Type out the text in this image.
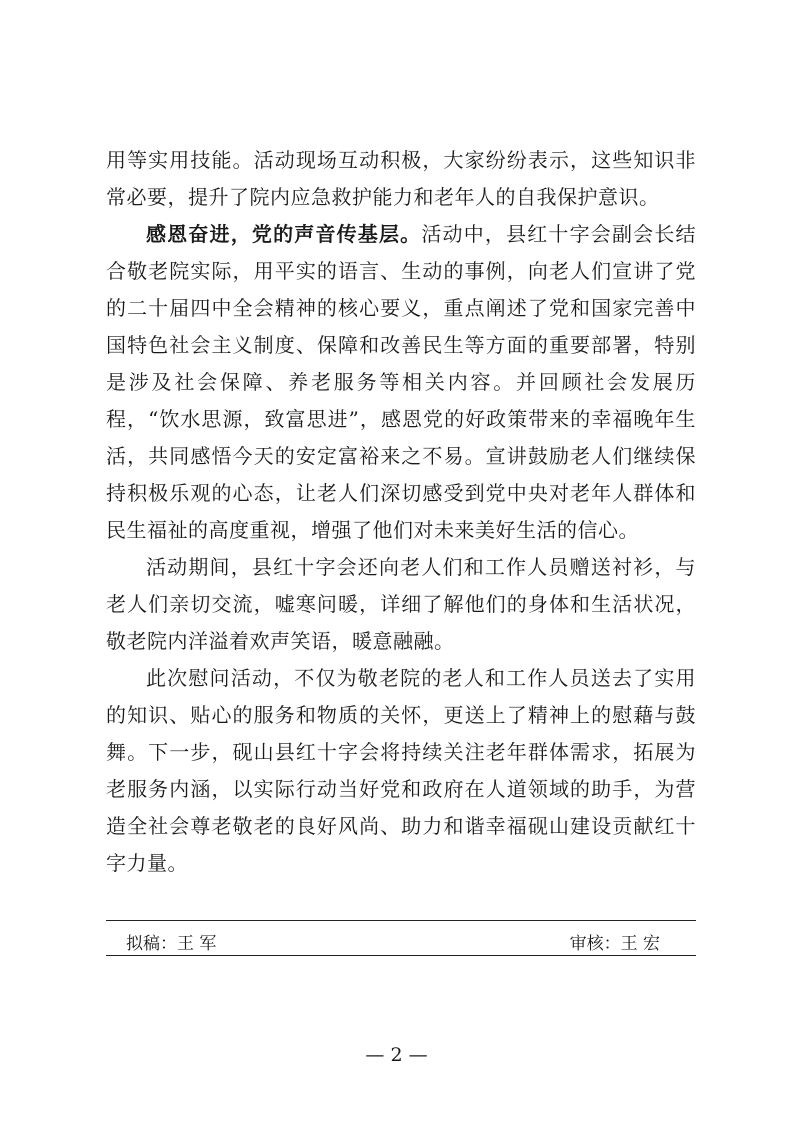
用等实用技能。活动现场互动积极，大家纷纷表示，这些知识非常必要，提升了院内应急救护能力和老年人的自我保护意识。

感恩奋进，党的声音传基层。活动中，县红十字会副会长结合敬老院实际，用平实的语言、生动的事例，向老人们宣讲了党的二十届四中全会精神的核心要义，重点阐述了党和国家完善中国特色社会主义制度、保障和改善民生等方面的重要部署，特别是涉及社会保障、养老服务等相关内容。并回顾社会发展历程，“饮水思源，致富思进”，感恩党的好政策带来的幸福晚年生活，共同感悟今天的安定富裕来之不易。宣讲鼓励老人们继续保持积极乐观的心态，让老人们深切感受到党中央对老年人群体和民生福祉的高度重视，增强了他们对未来美好生活的信心。

活动期间，县红十字会还向老人们和工作人员赠送衬衫，与老人们亲切交流，嘘寒问暖，详细了解他们的身体和生活状况，敬老院内洋溢着欢声笑语，暖意融融。

此次慰问活动，不仅为敬老院的老人和工作人员送去了实用的知识、贴心的服务和物质的关怀，更送上了精神上的慰藉与鼓舞。下一步，砚山县红十字会将持续关注老年群体需求，拓展为老服务内涵，以实际行动当好党和政府在人道领域的助手，为营造全社会尊老敬老的良好风尚、助力和谐幸福砚山建设贡献红十字力量。

拟稿：王 军	审核：王 宏
— 2 —
